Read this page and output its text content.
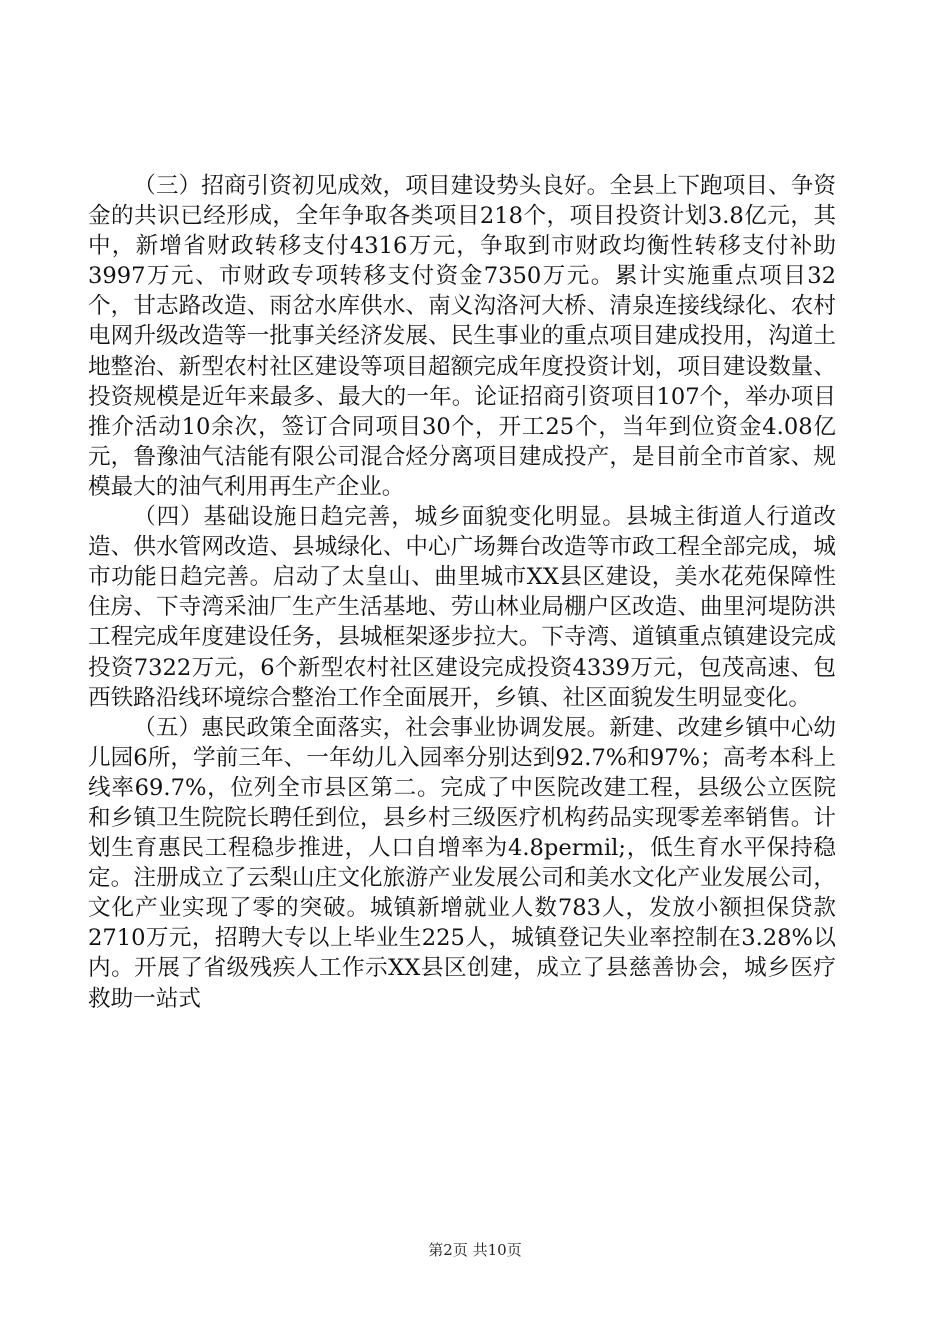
（三）招商引资初见成效，项目建设势头良好。全县上下跑项目、争资金的共识已经形成，全年争取各类项目218个，项目投资计划3.8亿元，其中，新增省财政转移支付4316万元，争取到市财政均衡性转移支付补助3997万元、市财政专项转移支付资金7350万元。累计实施重点项目32个，甘志路改造、雨岔水库供水、南义沟洛河大桥、清泉连接线绿化、农村电网升级改造等一批事关经济发展、民生事业的重点项目建成投用，沟道土地整治、新型农村社区建设等项目超额完成年度投资计划，项目建设数量、投资规模是近年来最多、最大的一年。论证招商引资项目107个，举办项目推介活动10余次，签订合同项目30个，开工25个，当年到位资金4.08亿元，鲁豫油气洁能有限公司混合烃分离项目建成投产，是目前全市首家、规模最大的油气利用再生产企业。

（四）基础设施日趋完善，城乡面貌变化明显。县城主街道人行道改造、供水管网改造、县城绿化、中心广场舞台改造等市政工程全部完成，城市功能日趋完善。启动了太皇山、曲里城市XX县区建设，美水花苑保障性住房、下寺湾采油厂生产生活基地、劳山林业局棚户区改造、曲里河堤防洪工程完成年度建设任务，县城框架逐步拉大。下寺湾、道镇重点镇建设完成投资7322万元，6个新型农村社区建设完成投资4339万元，包茂高速、包西铁路沿线环境综合整治工作全面展开，乡镇、社区面貌发生明显变化。

（五）惠民政策全面落实，社会事业协调发展。新建、改建乡镇中心幼儿园6所，学前三年、一年幼儿入园率分别达到92.7%和97%；高考本科上线率69.7%，位列全市县区第二。完成了中医院改建工程，县级公立医院和乡镇卫生院院长聘任到位，县乡村三级医疗机构药品实现零差率销售。计划生育惠民工程稳步推进，人口自增率为4.8permil;，低生育水平保持稳定。注册成立了云梨山庄文化旅游产业发展公司和美水文化产业发展公司，文化产业实现了零的突破。城镇新增就业人数783人，发放小额担保贷款2710万元，招聘大专以上毕业生225人，城镇登记失业率控制在3.28%以内。开展了省级残疾人工作示XX县区创建，成立了县慈善协会，城乡医疗救助一站式

第2页 共10页
